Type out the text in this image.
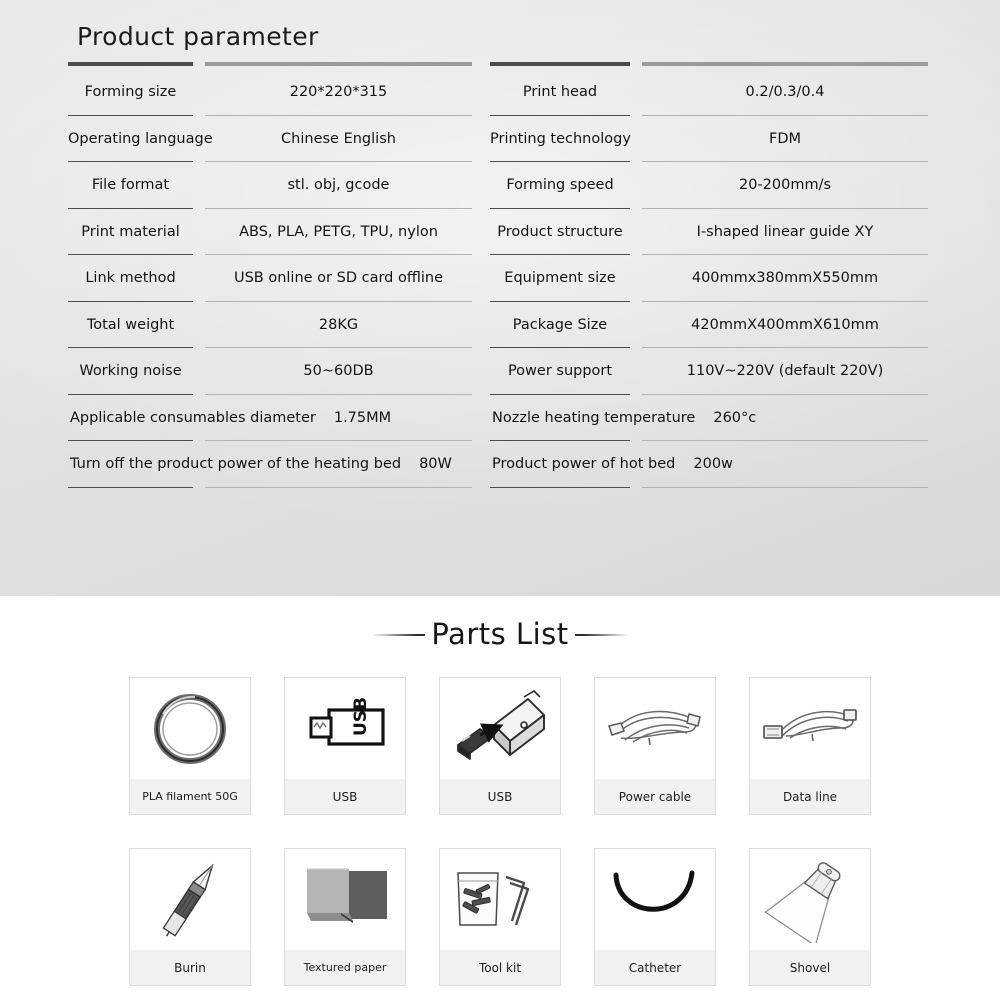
Product parameter
Forming size	220*220*315
Operating language	Chinese English
File format	stl. obj, gcode
Print material	ABS, PLA, PETG, TPU, nylon
Link method	USB online or SD card offline
Total weight	28KG
Working noise	50~60DB
Applicable consumables diameter 1.75MM
Turn off the product power of the heating bed 80W
Print head	0.2/0.3/0.4
Printing technology	FDM
Forming speed	20-200mm/s
Product structure	I-shaped linear guide XY
Equipment size	400mmx380mmX550mm
Package Size	420mmX400mmX610mm
Power support	110V~220V (default 220V)
Nozzle heating temperature 260°c
Product power of hot bed 200w
Parts List
PLA filament 50G
USB
USB	USB	Power cable	Data line
Burin	Textured paper	Tool kit	Catheter	Shovel
